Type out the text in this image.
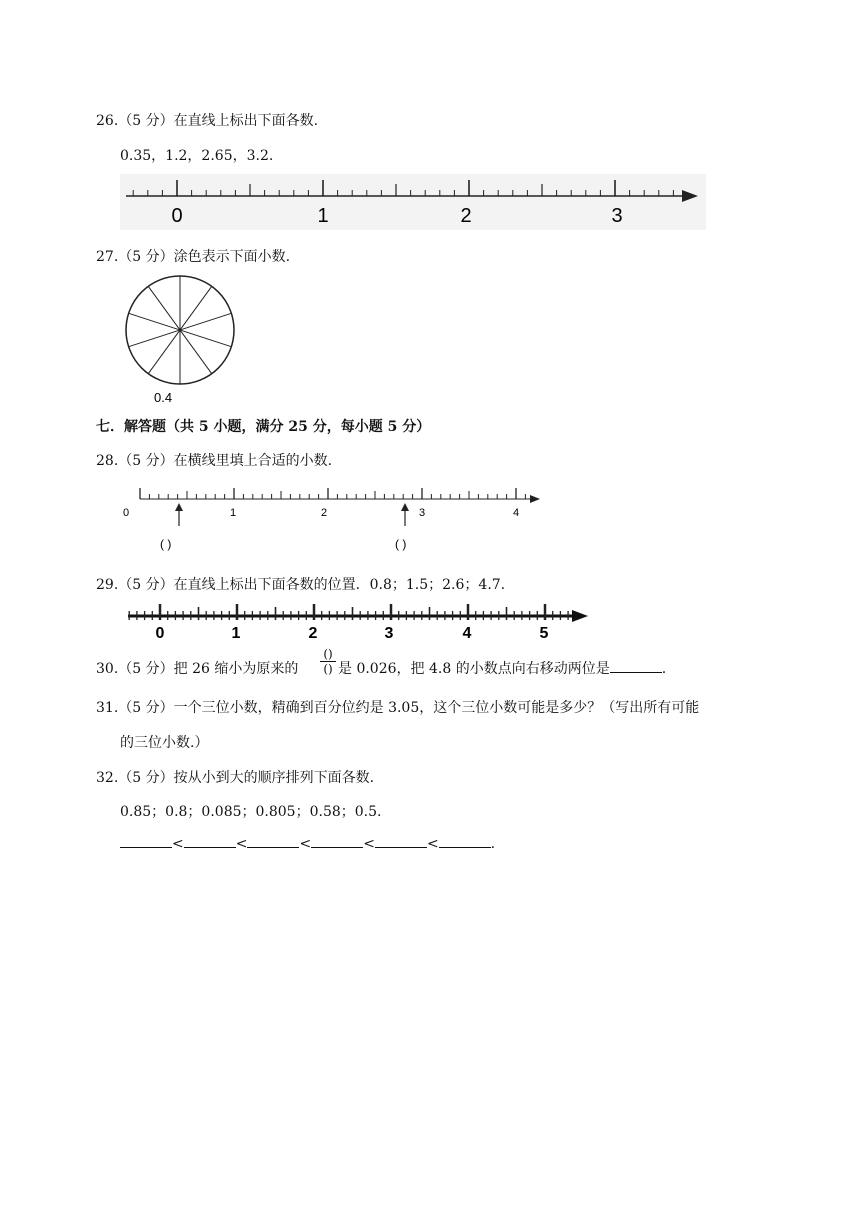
26.（5 分）在直线上标出下面各数.
0.35，1.2，2.65，3.2.
0	1	2	3
27.（5 分）涂色表示下面小数.
0.4
七．解答题（共 5 小题，满分 25 分，每小题 5 分）
28.（5 分）在横线里填上合适的小数.
0	1	2	3	4
( )	( )
29.（5 分）在直线上标出下面各数的位置．0.8；1.5；2.6；4.7.
0	1	2	3	4	5
30.（5 分）把 26 缩小为原来的
()
() 是 0.026，把 4.8 的小数点向右移动两位是	.
31.（5 分）一个三位小数，精确到百分位约是 3.05，这个三位小数可能是多少？（写出所有可能
的三位小数.）
32.（5 分）按从小到大的顺序排列下面各数.
0.85；0.8；0.085；0.805；0.58；0.5.
<	<	<	<	<	.
